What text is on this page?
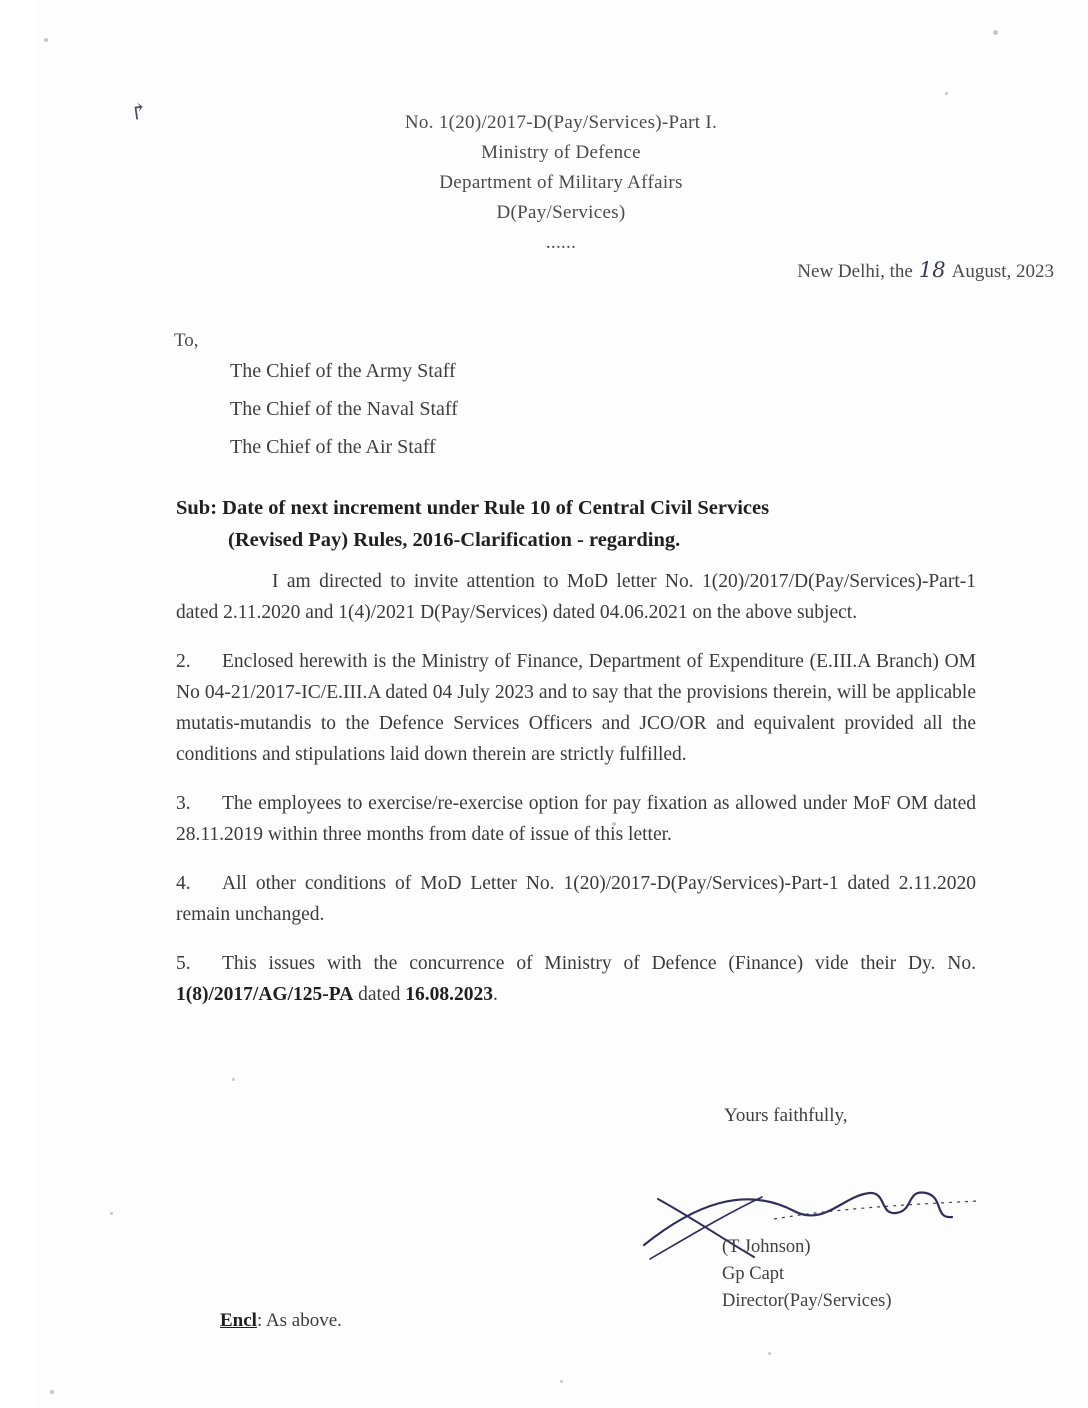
↱	No. 1(20)/2017-D(Pay/Services)-Part I.
Ministry of Defence
Department of Military Affairs
D(Pay/Services)
......
New Delhi, the 18 August, 2023
To,
The Chief of the Army Staff
The Chief of the Naval Staff
The Chief of the Air Staff
Sub: Date of next increment under Rule 10 of Central Civil Services
(Revised Pay) Rules, 2016-Clarification - regarding.
I am directed to invite attention to MoD letter No. 1(20)/2017/D(Pay/Services)-Part-1 dated 2.11.2020 and 1(4)/2021 D(Pay/Services) dated 04.06.2021 on the above subject.
2. Enclosed herewith is the Ministry of Finance, Department of Expenditure (E.III.A Branch) OM No 04-21/2017-IC/E.III.A dated 04 July 2023 and to say that the provisions therein, will be applicable mutatis-mutandis to the Defence Services Officers and JCO/OR and equivalent provided all the conditions and stipulations laid down therein are strictly fulfilled.
3. The employees to exercise/re-exercise option for pay fixation as allowed under MoF OM dated 28.11.2019 within three months from date of issue of this letter.
4. All other conditions of MoD Letter No. 1(20)/2017-D(Pay/Services)-Part-1 dated 2.11.2020 remain unchanged.
5. This issues with the concurrence of Ministry of Defence (Finance) vide their Dy. No. 1(8)/2017/AG/125-PA dated 16.08.2023.
Yours faithfully,
(T Johnson)
Gp Capt
Director(Pay/Services)
Encl: As above.
